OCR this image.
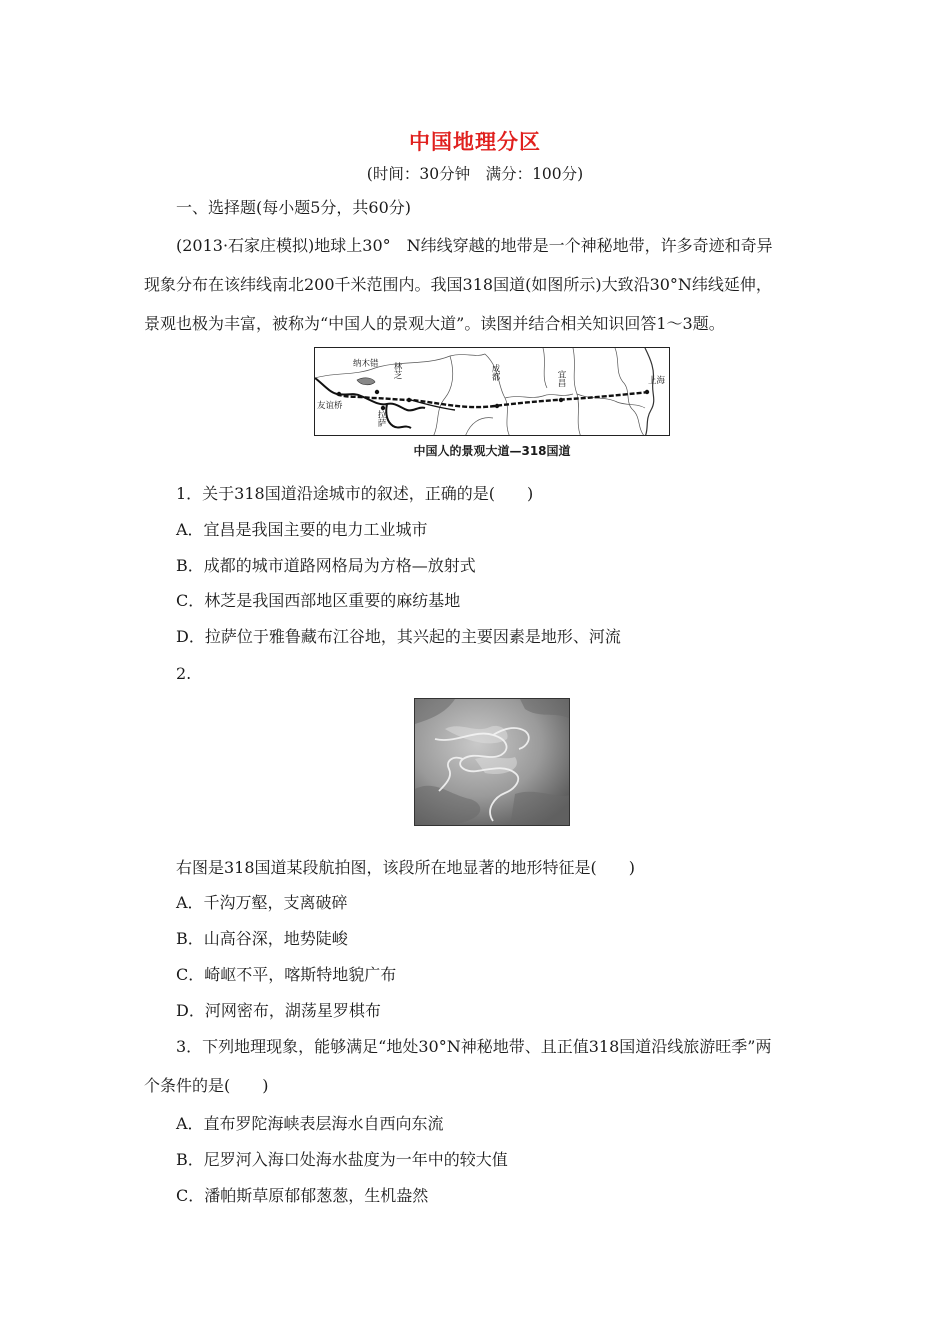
中国地理分区
(时间：30分钟　满分：100分)
一、选择题(每小题5分，共60分)
(2013·石家庄模拟)地球上30°　N纬线穿越的地带是一个神秘地带，许多奇迹和奇异
现象分布在该纬线南北200千米范围内。我国318国道(如图所示)大致沿30°N纬线延伸，
景观也极为丰富，被称为“中国人的景观大道”。读图并结合相关知识回答1～3题。
纳木错
友谊桥
上海
林芝
拉萨
成都	宜昌
中国人的景观大道—318国道
1．关于318国道沿途城市的叙述，正确的是(　　)
A．宜昌是我国主要的电力工业城市
B．成都的城市道路网格局为方格—放射式
C．林芝是我国西部地区重要的麻纺基地
D．拉萨位于雅鲁藏布江谷地，其兴起的主要因素是地形、河流
2.
右图是318国道某段航拍图，该段所在地显著的地形特征是(　　)
A．千沟万壑，支离破碎
B．山高谷深，地势陡峻
C．崎岖不平，喀斯特地貌广布
D．河网密布，湖荡星罗棋布
3．下列地理现象，能够满足“地处30°N神秘地带、且正值318国道沿线旅游旺季”两
个条件的是(　　)
A．直布罗陀海峡表层海水自西向东流
B．尼罗河入海口处海水盐度为一年中的较大值
C．潘帕斯草原郁郁葱葱，生机盎然
